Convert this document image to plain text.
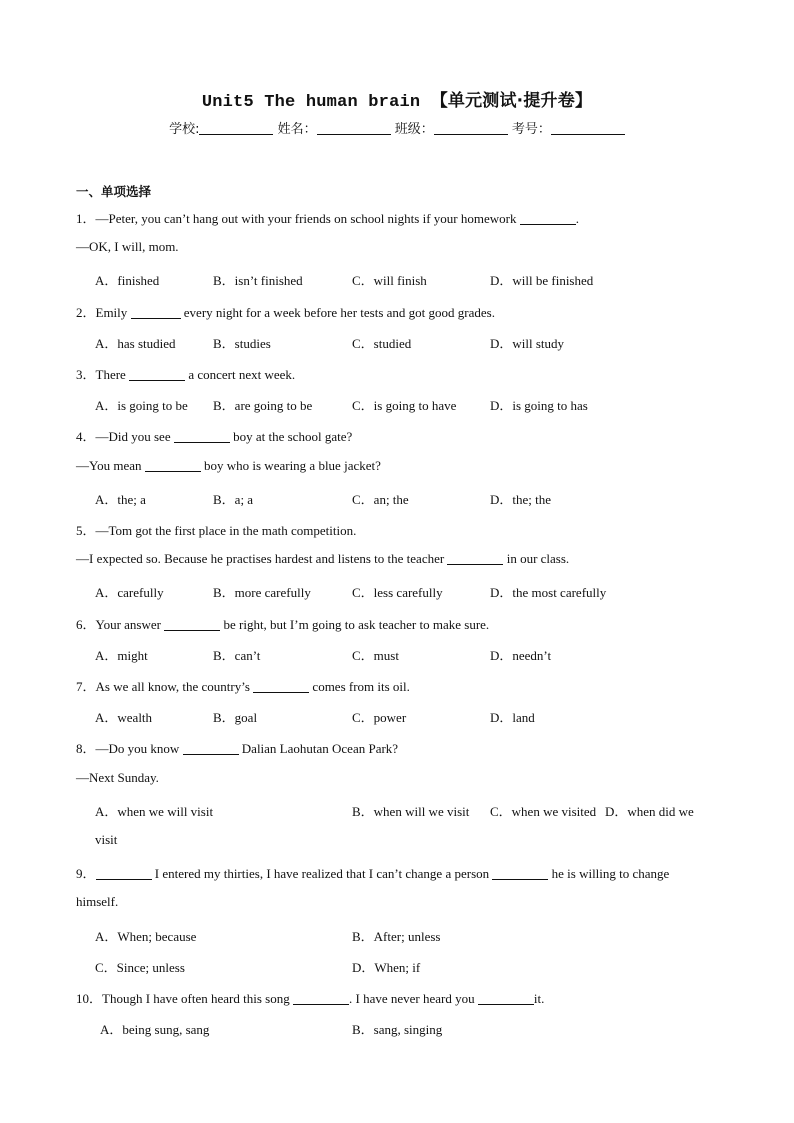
Unit5 The human brain 【单元测试·提升卷】
学校:	姓名：	班级：	考号：
一、单项选择
1．—Peter, you can’t hang out with your friends on school nights if your homework	.
—OK, I will, mom.
A．finished	B．isn’t finished	C．will finish	D．will be finished
2．Emily	every night for a week before her tests and got good grades.
A．has studied	B．studies	C．studied	D．will study
3．There	a concert next week.
A．is going to be B．are going to be	C．is going to have	D．is going to has
4．—Did you see	boy at the school gate?
—You mean	boy who is wearing a blue jacket?
A．the; a	B．a; a	C．an; the	D．the; the
5．—Tom got the first place in the math competition.
—I expected so. Because he practises hardest and listens to the teacher	in our class.
A．carefully	B．more carefully	C．less carefully	D．the most carefully
6．Your answer	be right, but I’m going to ask teacher to make sure.
A．might	B．can’t	C．must	D．needn’t
7．As we all know, the country’s	comes from its oil.
A．wealth	B．goal	C．power	D．land
8．—Do you know	Dalian Laohutan Ocean Park?
—Next Sunday.
A．when we will visit	B．when will we visit C．when we visited D．when did we
visit
9．	I entered my thirties, I have realized that I can’t change a person	he is willing to change
himself.
A．When; because	B．After; unless
C．Since; unless	D．When; if
10．Though I have often heard this song	. I have never heard you	it.
A．being sung, sang	B．sang, singing
